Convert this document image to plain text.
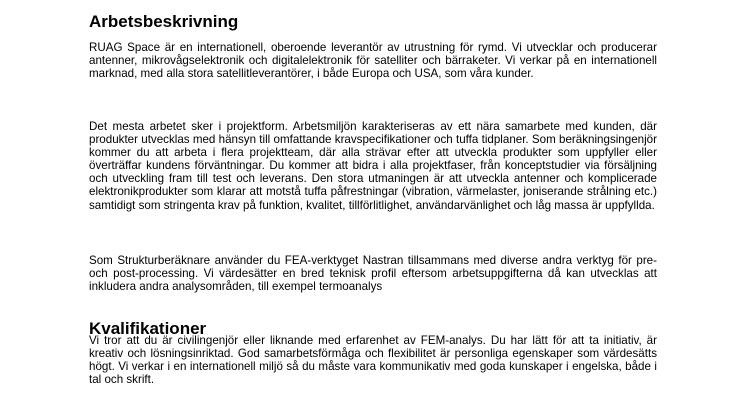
Arbetsbeskrivning

RUAG Space är en internationell, oberoende leverantör av utrustning för rymd. Vi utvecklar och producerar antenner, mikrovågselektronik och digitalelektronik för satelliter och bärraketer. Vi verkar på en internationell marknad, med alla stora satellitleverantörer, i både Europa och USA, som våra kunder.

Det mesta arbetet sker i projektform. Arbetsmiljön karakteriseras av ett nära samarbete med kunden, där produkter utvecklas med hänsyn till omfattande kravspecifikationer och tuffa tidplaner. Som beräkningsingenjör kommer du att arbeta i flera projektteam, där alla strävar efter att utveckla produkter som uppfyller eller överträffar kundens förväntningar. Du kommer att bidra i alla projektfaser, från konceptstudier via försäljning och utveckling fram till test och leverans. Den stora utmaningen är att utveckla antenner och komplicerade elektronikprodukter som klarar att motstå tuffa påfrestningar (vibration, värmelaster, joniserande strålning etc.) samtidigt som stringenta krav på funktion, kvalitet, tillförlitlighet, användarvänlighet och låg massa är uppfyllda.

Som Strukturberäknare använder du FEA-verktyget Nastran tillsammans med diverse andra verktyg för pre- och post-processing. Vi värdesätter en bred teknisk profil eftersom arbetsuppgifterna då kan utvecklas att inkludera andra analysområden, till exempel termoanalys

Kvalifikationer

Vi tror att du är civilingenjör eller liknande med erfarenhet av FEM-analys. Du har lätt för att ta initiativ, är kreativ och lösningsinriktad. God samarbetsförmåga och flexibilitet är personliga egenskaper som värdesätts högt. Vi verkar i en internationell miljö så du måste vara kommunikativ med goda kunskaper i engelska, både i tal och skrift.
